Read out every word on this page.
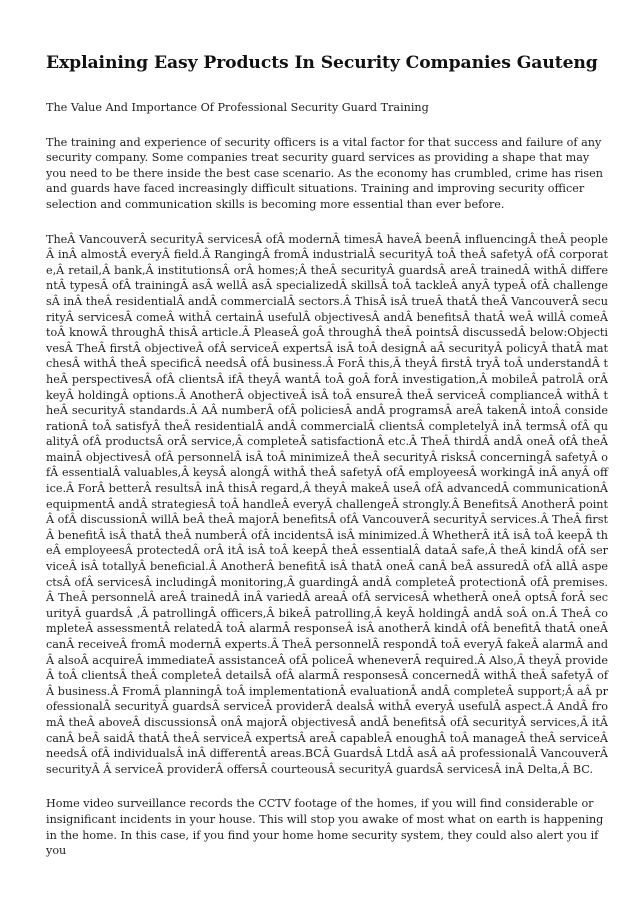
Explaining Easy Products In Security Companies Gauteng

The Value And Importance Of Professional Security Guard Training

The training and experience of security officers is a vital factor for that success and failure of any security company. Some companies treat security guard services as providing a shape that may you need to be there inside the best case scenario. As the economy has crumbled, crime has risen and guards have faced increasingly difficult situations. Training and improving security officer selection and communication skills is becoming more essential than ever before.

TheÂ VancouverÂ securityÂ servicesÂ ofÂ modernÂ timesÂ haveÂ beenÂ influencingÂ theÂ peopleÂ inÂ almostÂ everyÂ field.Â RangingÂ fromÂ industrialÂ securityÂ toÂ theÂ safetyÂ ofÂ corporate,Â retail,Â bank,Â institutionsÂ orÂ homes;Â theÂ securityÂ guardsÂ areÂ trainedÂ withÂ differentÂ typesÂ ofÂ trainingÂ asÂ wellÂ asÂ specializedÂ skillsÂ toÂ tackleÂ anyÂ typeÂ ofÂ challengesÂ inÂ theÂ residentialÂ andÂ commercialÂ sectors.Â ThisÂ isÂ trueÂ thatÂ theÂ VancouverÂ securityÂ servicesÂ comeÂ withÂ certainÂ usefulÂ objectivesÂ andÂ benefitsÂ thatÂ weÂ willÂ comeÂ toÂ knowÂ throughÂ thisÂ article.Â PleaseÂ goÂ throughÂ theÂ pointsÂ discussedÂ below:ObjectivesÂ TheÂ firstÂ objectiveÂ ofÂ serviceÂ expertsÂ isÂ toÂ designÂ aÂ securityÂ policyÂ thatÂ matchesÂ withÂ theÂ specificÂ needsÂ ofÂ business.Â ForÂ this,Â theyÂ firstÂ tryÂ toÂ understandÂ theÂ perspectivesÂ ofÂ clientsÂ ifÂ theyÂ wantÂ toÂ goÂ forÂ investigation,Â mobileÂ patrolÂ orÂ keyÂ holdingÂ options.Â AnotherÂ objectiveÂ isÂ toÂ ensureÂ theÂ serviceÂ complianceÂ withÂ theÂ securityÂ standards.Â AÂ numberÂ ofÂ policiesÂ andÂ programsÂ areÂ takenÂ intoÂ considerationÂ toÂ satisfyÂ theÂ residentialÂ andÂ commercialÂ clientsÂ completelyÂ inÂ termsÂ ofÂ qualityÂ ofÂ productsÂ orÂ service,Â completeÂ satisfactionÂ etc.Â TheÂ thirdÂ andÂ oneÂ ofÂ theÂ mainÂ objectivesÂ ofÂ personnelÂ isÂ toÂ minimizeÂ theÂ securityÂ risksÂ concerningÂ safetyÂ ofÂ essentialÂ valuables,Â keysÂ alongÂ withÂ theÂ safetyÂ ofÂ employeesÂ workingÂ inÂ anyÂ office.Â ForÂ betterÂ resultsÂ inÂ thisÂ regard,Â theyÂ makeÂ useÂ ofÂ advancedÂ communicationÂ equipmentÂ andÂ strategiesÂ toÂ handleÂ everyÂ challengeÂ strongly.Â BenefitsÂ AnotherÂ pointÂ ofÂ discussionÂ willÂ beÂ theÂ majorÂ benefitsÂ ofÂ VancouverÂ securityÂ services.Â TheÂ firstÂ benefitÂ isÂ thatÂ theÂ numberÂ ofÂ incidentsÂ isÂ minimized.Â WhetherÂ itÂ isÂ toÂ keepÂ theÂ employeesÂ protectedÂ orÂ itÂ isÂ toÂ keepÂ theÂ essentialÂ dataÂ safe,Â theÂ kindÂ ofÂ serviceÂ isÂ totallyÂ beneficial.Â AnotherÂ benefitÂ isÂ thatÂ oneÂ canÂ beÂ assuredÂ ofÂ allÂ aspectsÂ ofÂ servicesÂ includingÂ monitoring,Â guardingÂ andÂ completeÂ protectionÂ ofÂ premises.Â TheÂ personnelÂ areÂ trainedÂ inÂ variedÂ areaÂ ofÂ servicesÂ whetherÂ oneÂ optsÂ forÂ securityÂ guardsÂ ,Â patrollingÂ officers,Â bikeÂ patrolling,Â keyÂ holdingÂ andÂ soÂ on.Â TheÂ completeÂ assessmentÂ relatedÂ toÂ alarmÂ responseÂ isÂ anotherÂ kindÂ ofÂ benefitÂ thatÂ oneÂ canÂ receiveÂ fromÂ modernÂ experts.Â TheÂ personnelÂ respondÂ toÂ everyÂ fakeÂ alarmÂ andÂ alsoÂ acquireÂ immediateÂ assistanceÂ ofÂ policeÂ wheneverÂ required.Â Also,Â theyÂ provideÂ toÂ clientsÂ theÂ completeÂ detailsÂ ofÂ alarmÂ responsesÂ concernedÂ withÂ theÂ safetyÂ ofÂ business.Â FromÂ planningÂ toÂ implementationÂ evaluationÂ andÂ completeÂ support;Â aÂ professionalÂ securityÂ guardsÂ serviceÂ providerÂ dealsÂ withÂ everyÂ usefulÂ aspect.Â AndÂ fromÂ theÂ aboveÂ discussionsÂ onÂ majorÂ objectivesÂ andÂ benefitsÂ ofÂ securityÂ services,Â itÂ canÂ beÂ saidÂ thatÂ theÂ serviceÂ expertsÂ areÂ capableÂ enoughÂ toÂ manageÂ theÂ serviceÂ needsÂ ofÂ individualsÂ inÂ differentÂ areas.BCÂ GuardsÂ LtdÂ asÂ aÂ professionalÂ VancouverÂ securityÂ Â serviceÂ providerÂ offersÂ courteousÂ securityÂ guardsÂ servicesÂ inÂ Delta,Â BC.

Home video surveillance records the CCTV footage of the homes, if you will find considerable or insignificant incidents in your house. This will stop you awake of most what on earth is happening in the home. In this case, if you find your home home security system, they could also alert you if you
